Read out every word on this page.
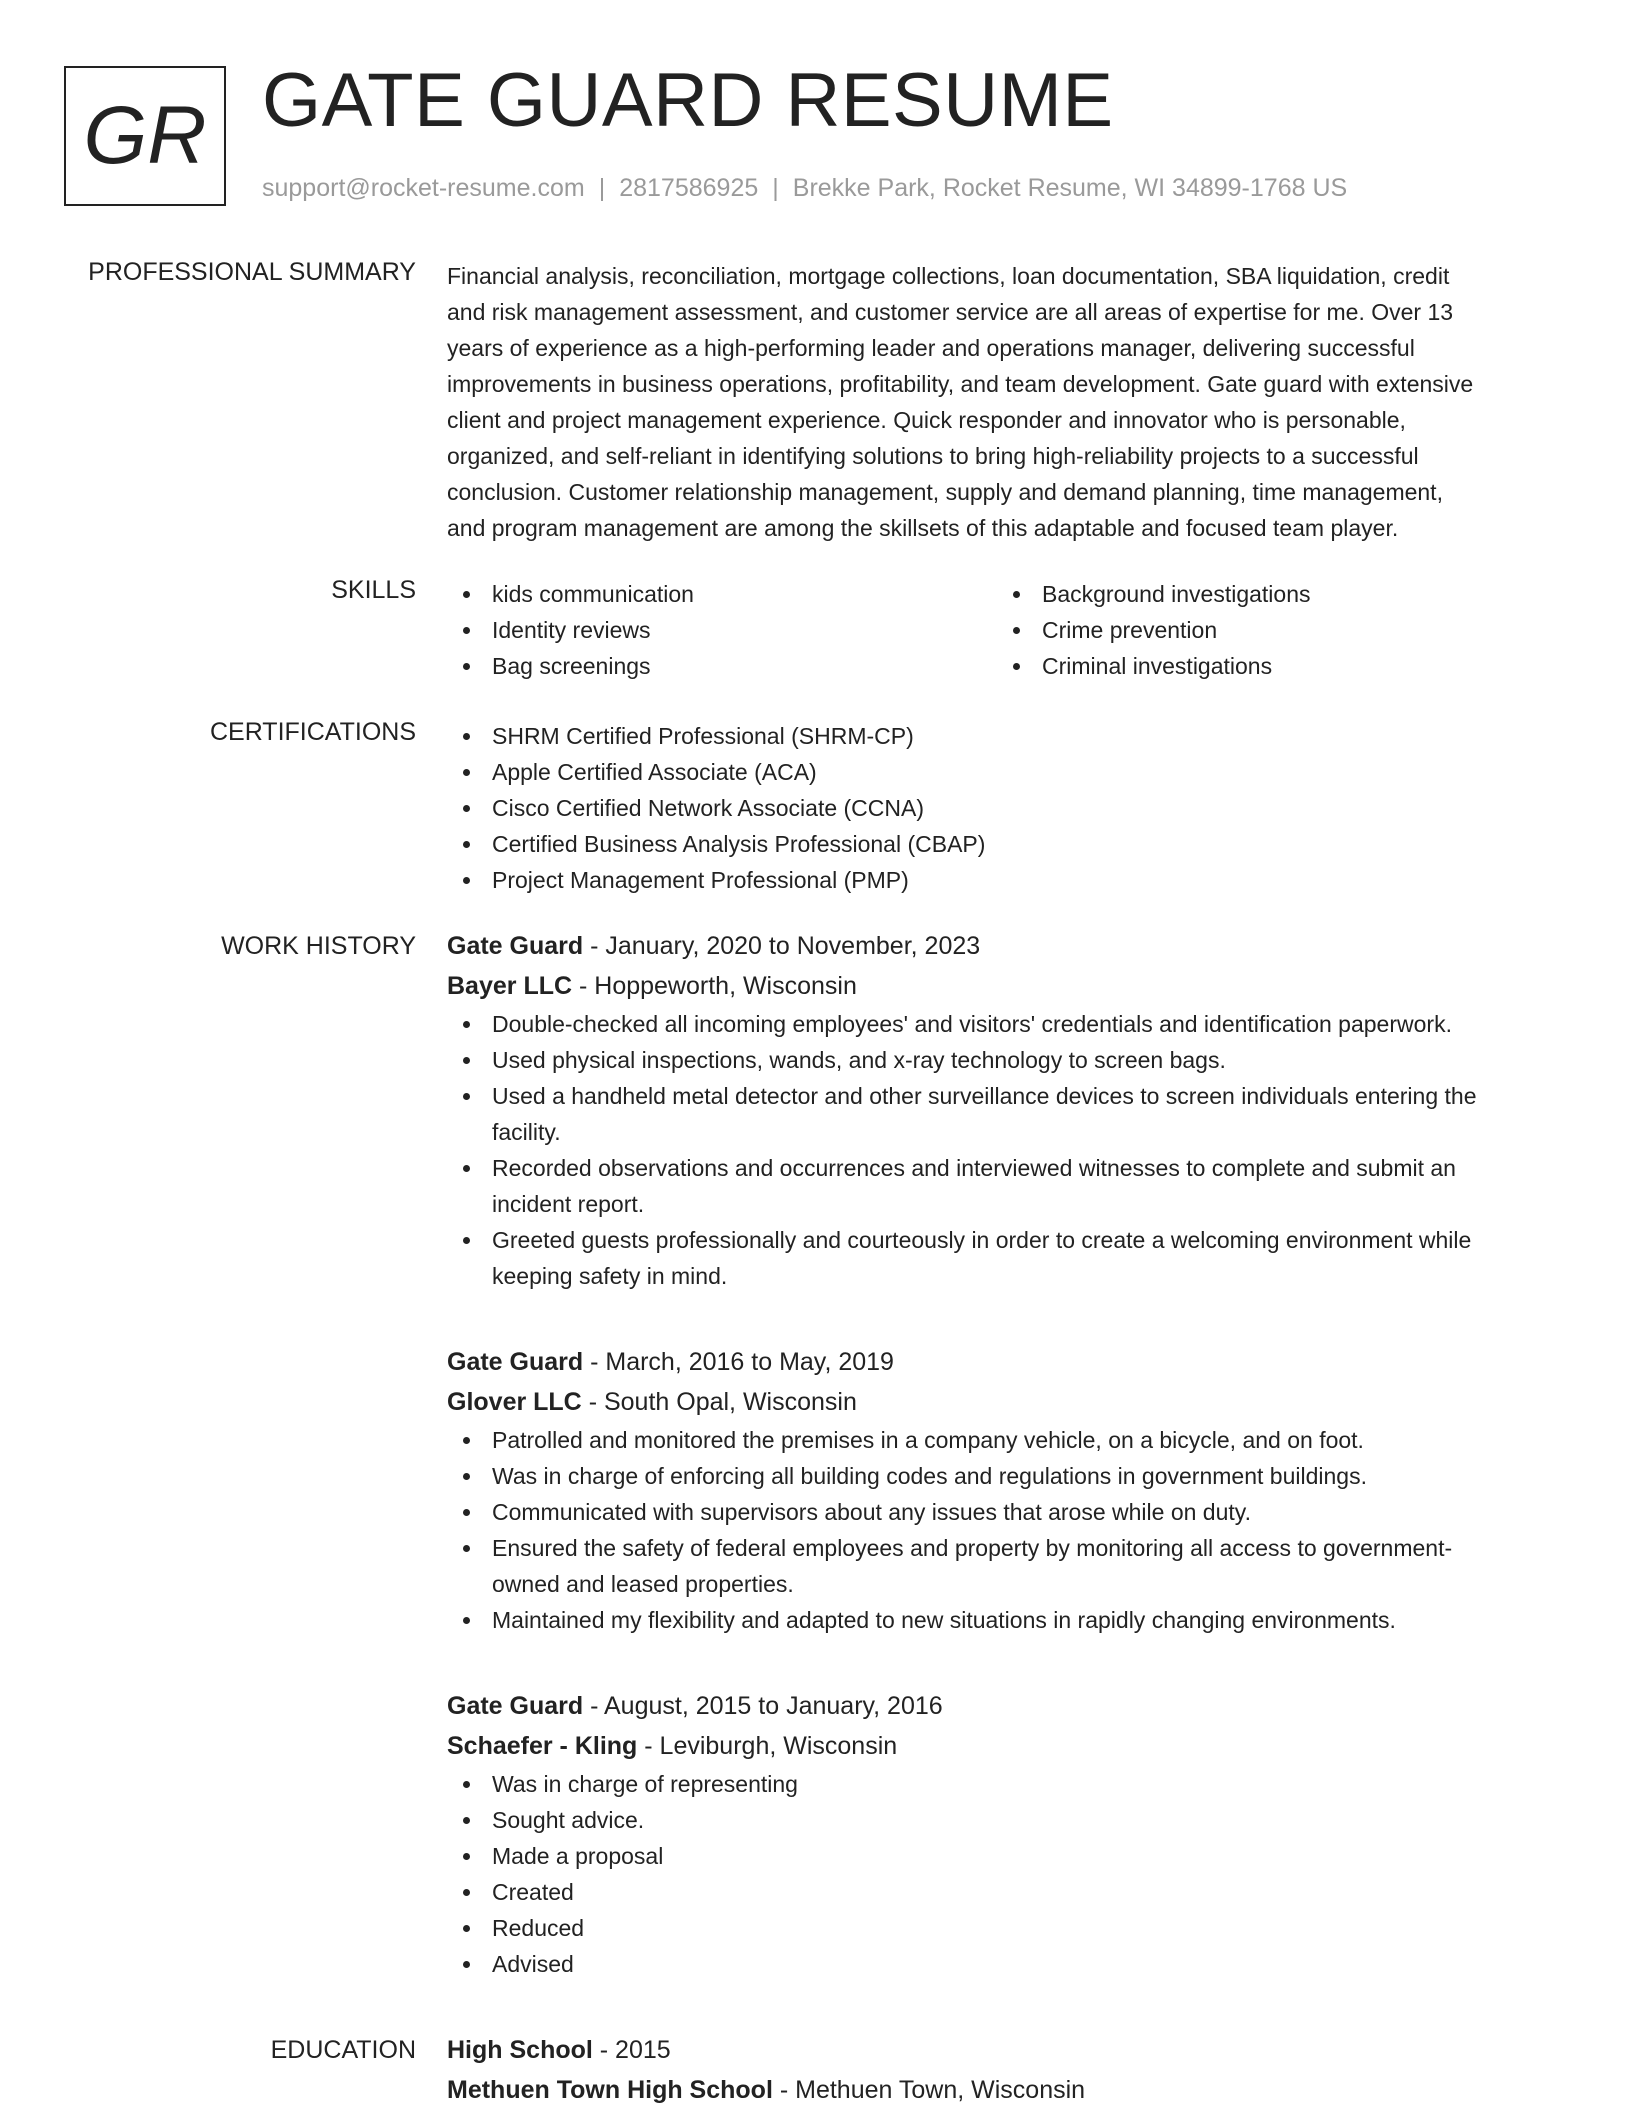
GR GATE GUARD RESUME
support@rocket-resume.com | 2817586925 | Brekke Park, Rocket Resume, WI 34899-1768 US
PROFESSIONAL SUMMARY Financial analysis, reconciliation, mortgage collections, loan documentation, SBA liquidation, credit
and risk management assessment, and customer service are all areas of expertise for me. Over 13
years of experience as a high-performing leader and operations manager, delivering successful
improvements in business operations, profitability, and team development. Gate guard with extensive
client and project management experience. Quick responder and innovator who is personable,
organized, and self-reliant in identifying solutions to bring high-reliability projects to a successful
conclusion. Customer relationship management, supply and demand planning, time management,
and program management are among the skillsets of this adaptable and focused team player.

SKILLS	kids communication
Identity reviews
Bag screenings
Background investigations
Crime prevention
Criminal investigations
CERTIFICATIONS	SHRM Certified Professional (SHRM-CP)
Apple Certified Associate (ACA)
Cisco Certified Network Associate (CCNA)
Certified Business Analysis Professional (CBAP)
Project Management Professional (PMP)
WORK HISTORY Gate Guard - January, 2020 to November, 2023
Bayer LLC - Hoppeworth, Wisconsin
Double-checked all incoming employees' and visitors' credentials and identification paperwork.
Used physical inspections, wands, and x-ray technology to screen bags.
Used a handheld metal detector and other surveillance devices to screen individuals entering the
facility.
Recorded observations and occurrences and interviewed witnesses to complete and submit an
incident report.
Greeted guests professionally and courteously in order to create a welcoming environment while
keeping safety in mind.
Gate Guard - March, 2016 to May, 2019
Glover LLC - South Opal, Wisconsin
Patrolled and monitored the premises in a company vehicle, on a bicycle, and on foot.
Was in charge of enforcing all building codes and regulations in government buildings.
Communicated with supervisors about any issues that arose while on duty.
Ensured the safety of federal employees and property by monitoring all access to government-
owned and leased properties.
Maintained my flexibility and adapted to new situations in rapidly changing environments.
Gate Guard - August, 2015 to January, 2016
Schaefer - Kling - Leviburgh, Wisconsin
Was in charge of representing
Sought advice.
Made a proposal
Created
Reduced
Advised
EDUCATION High School - 2015
Methuen Town High School - Methuen Town, Wisconsin
